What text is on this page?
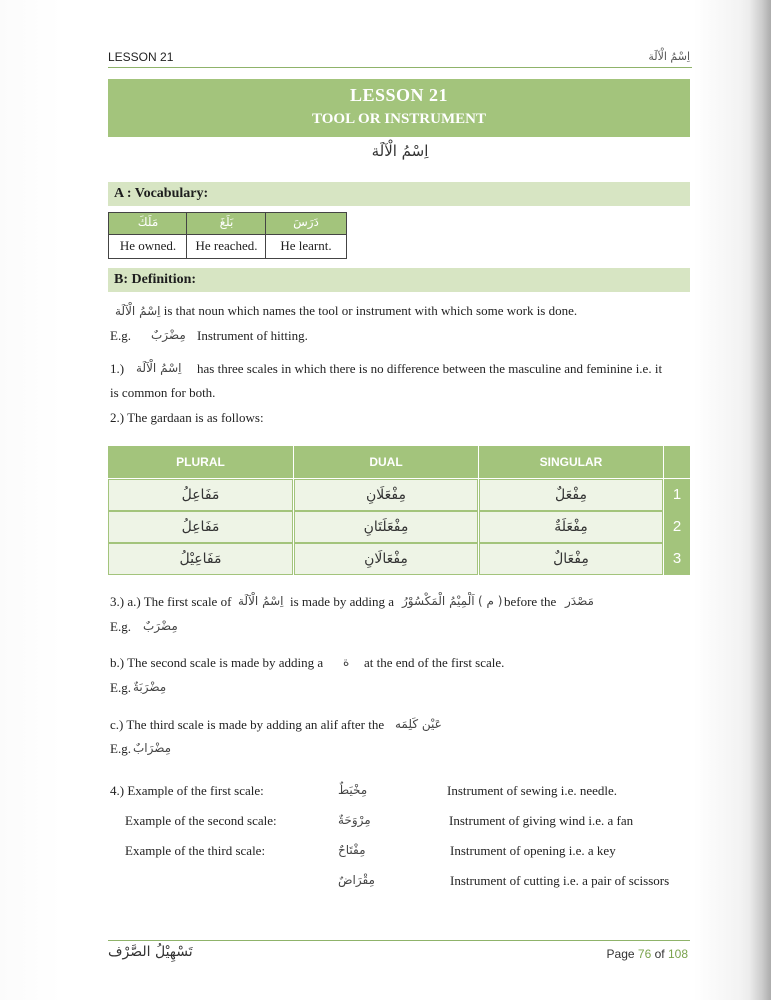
LESSON 21	اِسْمُ الْآلَة
LESSON 21
TOOL OR INSTRUMENT
اِسْمُ الْآلَة
A : Vocabulary:
مَلَكَ	بَلَغَ	دَرَسَ
He owned.	He reached.	He learnt.
B: Definition:
اِسْمُ الْآلَة is that noun which names the tool or instrument with which some work is done.
E.g. مِضْرَبٌ Instrument of hitting.
1.) اِسْمُ الْآلَة has three scales in which there is no difference between the masculine and feminine i.e. it
is common for both.
2.) The gardaan is as follows:
PLURAL	DUAL	SINGULAR
مَفَاعِلُ	مِفْعَلَانِ	مِفْعَلٌ	1
مَفَاعِلُ	مِفْعَلَتَانِ	مِفْعَلَةٌ	2
مَفَاعِيْلُ	مِفْعَالَانِ	مِفْعَالٌ	3
3.) a.) The first scale of اِسْمُ الْآلَة is made by adding a اَلْمِيْمُ الْمَكْسُوْرُ ( م ) before the مَصْدَر
E.g. مِضْرَبٌ
b.) The second scale is made by adding a ة at the end of the first scale.
E.g. مِضْرَبَةٌ
c.) The third scale is made by adding an alif after the عَيْن كَلِمَه
E.g. مِضْرَابٌ
4.) Example of the first scale:	مِخْيَطٌ	Instrument of sewing i.e. needle.
Example of the second scale:	مِرْوَحَةٌ	Instrument of giving wind i.e. a fan
Example of the third scale:	مِفْتَاحٌ	Instrument of opening i.e. a key
مِقْرَاضٌ	Instrument of cutting i.e. a pair of scissors
تَسْهِيْلُ الصَّرْف	Page 76 of 108
